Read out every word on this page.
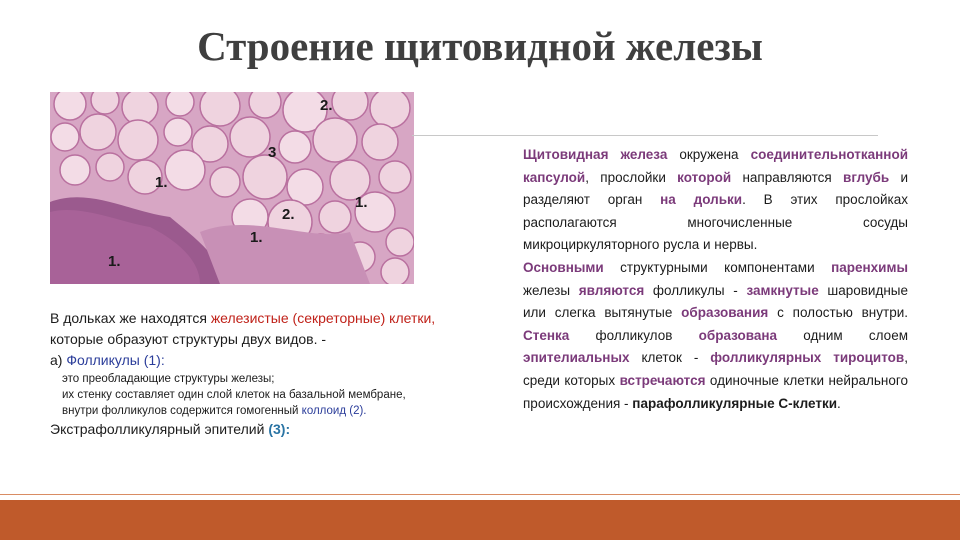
Строение щитовидной железы
2.
3
1.
1.
2.
1.
1.
В дольках же находятся железистые (секреторные) клетки, которые образуют структуры двух видов. -
а) Фолликулы (1):
это преобладающие структуры железы;
их стенку составляет один слой клеток на базальной мембране,
внутри фолликулов содержится гомогенный коллоид (2).
Экстрафолликулярный эпителий (3):

Щитовидная железа окружена соединительнотканной капсулой, прослойки которой направляются вглубь и разделяют орган на дольки. В этих прослойках располагаются многочисленные сосуды микроциркуляторного русла и нервы.

Основными структурными компонентами паренхимы железы являются фолликулы - замкнутые шаровидные или слегка вытянутые образования с полостью внутри. Стенка фолликулов образована одним слоем эпителиальных клеток - фолликулярных тироцитов, среди которых встречаются одиночные клетки нейрального происхождения - парафолликулярные С-клетки.
